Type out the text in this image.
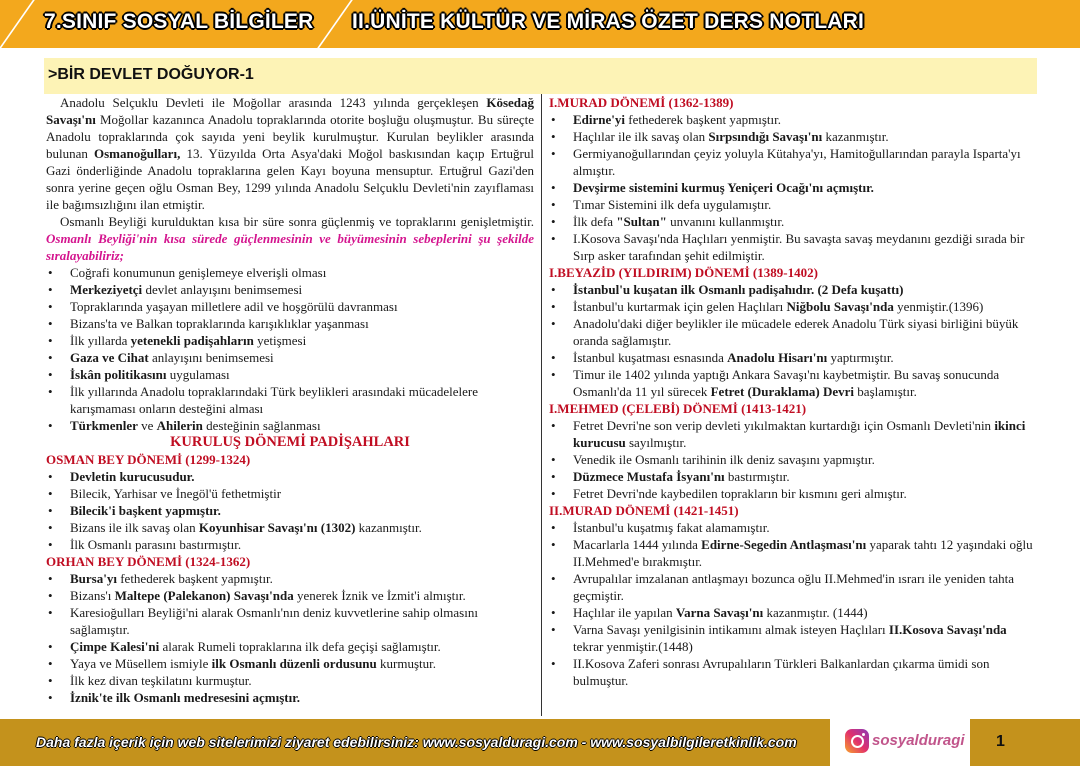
7.SINIF SOSYAL BİLGİLER II.ÜNİTE KÜLTÜR VE MİRAS ÖZET DERS NOTLARI
>BİR DEVLET DOĞUYOR-1

Anadolu Selçuklu Devleti ile Moğollar arasında 1243 yılında gerçekleşen Kösedağ Savaşı'nı Moğollar kazanınca Anadolu topraklarında otorite boşluğu oluşmuştur. Bu süreçte Anadolu topraklarında çok sayıda yeni beylik kurulmuştur. Kurulan beylikler arasında bulunan Osmanoğulları, 13. Yüzyılda Orta Asya'daki Moğol baskısından kaçıp Ertuğrul Gazi önderliğinde Anadolu topraklarına gelen Kayı boyuna mensuptur. Ertuğrul Gazi'den sonra yerine geçen oğlu Osman Bey, 1299 yılında Anadolu Selçuklu Devleti'nin zayıflaması ile bağımsızlığını ilan etmiştir.

Osmanlı Beyliği kurulduktan kısa bir süre sonra güçlenmiş ve topraklarını genişletmiştir. Osmanlı Beyliği'nin kısa sürede güçlenmesinin ve büyümesinin sebeplerini şu şekilde sıralayabiliriz;

• Coğrafi konumunun genişlemeye elverişli olması
• Merkeziyetçi devlet anlayışını benimsemesi
• Topraklarında yaşayan milletlere adil ve hoşgörülü davranması
• Bizans'ta ve Balkan topraklarında karışıklıklar yaşanması
• İlk yıllarda yetenekli padişahların yetişmesi
• Gaza ve Cihat anlayışını benimsemesi
• İskân politikasını uygulaması
• İlk yıllarında Anadolu topraklarındaki Türk beylikleri arasındaki mücadelelere karışmaması onların desteğini alması
• Türkmenler ve Ahilerin desteğinin sağlanması

KURULUŞ DÖNEMİ PADİŞAHLARI

OSMAN BEY DÖNEMİ (1299-1324)

• Devletin kurucusudur.
• Bilecik, Yarhisar ve İnegöl'ü fethetmiştir
• Bilecik'i başkent yapmıştır.
• Bizans ile ilk savaş olan Koyunhisar Savaşı'nı (1302) kazanmıştır.
• İlk Osmanlı parasını bastırmıştır.

ORHAN BEY DÖNEMİ (1324-1362)

• Bursa'yı fethederek başkent yapmıştır.
• Bizans'ı Maltepe (Palekanon) Savaşı'nda yenerek İznik ve İzmit'i almıştır.
• Karesioğulları Beyliği'ni alarak Osmanlı'nın deniz kuvvetlerine sahip olmasını sağlamıştır.
• Çimpe Kalesi'ni alarak Rumeli topraklarına ilk defa geçişi sağlamıştır.
• Yaya ve Müsellem ismiyle ilk Osmanlı düzenli ordusunu kurmuştur.
• İlk kez divan teşkilatını kurmuştur.
• İznik'te ilk Osmanlı medresesini açmıştır.

I.MURAD DÖNEMİ (1362-1389)

• Edirne'yi fethederek başkent yapmıştır.
• Haçlılar ile ilk savaş olan Sırpsındığı Savaşı'nı kazanmıştır.
• Germiyanoğullarından çeyiz yoluyla Kütahya'yı, Hamitoğullarından parayla Isparta'yı almıştır.
• Devşirme sistemini kurmuş Yeniçeri Ocağı'nı açmıştır.
• Tımar Sistemini ilk defa uygulamıştır.
• İlk defa "Sultan" unvanını kullanmıştır.
• I.Kosova Savaşı'nda Haçlıları yenmiştir. Bu savaşta savaş meydanını gezdiği sırada bir Sırp asker tarafından şehit edilmiştir.

I.BEYAZİD (YILDIRIM) DÖNEMİ (1389-1402)

• İstanbul'u kuşatan ilk Osmanlı padişahıdır. (2 Defa kuşattı)
• İstanbul'u kurtarmak için gelen Haçlıları Niğbolu Savaşı'nda yenmiştir.(1396)
• Anadolu'daki diğer beylikler ile mücadele ederek Anadolu Türk siyasi birliğini büyük oranda sağlamıştır.
• İstanbul kuşatması esnasında Anadolu Hisarı'nı yaptırmıştır.
• Timur ile 1402 yılında yaptığı Ankara Savaşı'nı kaybetmiştir. Bu savaş sonucunda Osmanlı'da 11 yıl sürecek Fetret (Duraklama) Devri başlamıştır.

I.MEHMED (ÇELEBİ) DÖNEMİ (1413-1421)

• Fetret Devri'ne son verip devleti yıkılmaktan kurtardığı için Osmanlı Devleti'nin ikinci kurucusu sayılmıştır.
• Venedik ile Osmanlı tarihinin ilk deniz savaşını yapmıştır.
• Düzmece Mustafa İsyanı'nı bastırmıştır.
• Fetret Devri'nde kaybedilen toprakların bir kısmını geri almıştır.

II.MURAD DÖNEMİ (1421-1451)

• İstanbul'u kuşatmış fakat alamamıştır.
• Macarlarla 1444 yılında Edirne-Segedin Antlaşması'nı yaparak tahtı 12 yaşındaki oğlu II.Mehmed'e bırakmıştır.
• Avrupalılar imzalanan antlaşmayı bozunca oğlu II.Mehmed'in ısrarı ile yeniden tahta geçmiştir.
• Haçlılar ile yapılan Varna Savaşı'nı kazanmıştır. (1444)
• Varna Savaşı yenilgisinin intikamını almak isteyen Haçlıları II.Kosova Savaşı'nda tekrar yenmiştir.(1448)
• II.Kosova Zaferi sonrası Avrupalıların Türkleri Balkanlardan çıkarma ümidi son bulmuştur.
Daha fazla içerik için web sitelerimizi ziyaret edebilirsiniz: www.sosyalduragi.com - www.sosyalbilgileretkinlik.com	sosyalduragi 1
